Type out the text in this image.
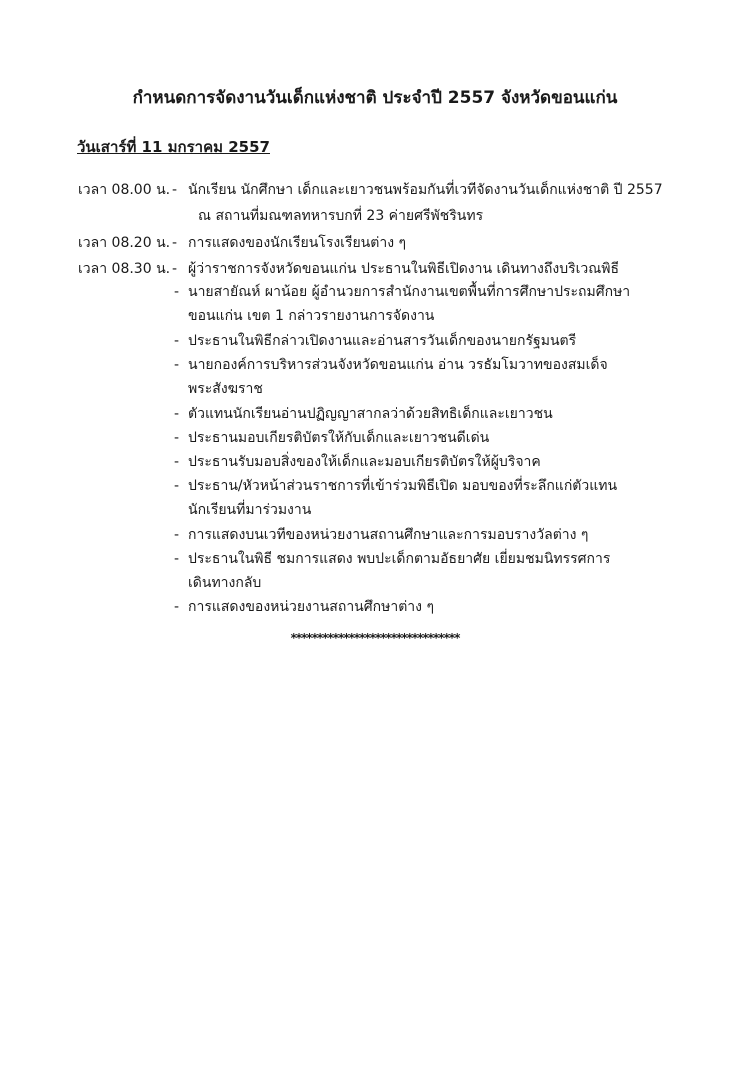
กำหนดการจัดงานวันเด็กแห่งชาติ ประจำปี 2557 จังหวัดขอนแก่น
วันเสาร์ที่ 11 มกราคม 2557
เวลา 08.00 น. - นักเรียน นักศึกษา เด็กและเยาวชนพร้อมกันที่เวทีจัดงานวันเด็กแห่งชาติ ปี 2557
ณ สถานที่มณฑลทหารบกที่ 23 ค่ายศรีพัชรินทร
เวลา 08.20 น. - การแสดงของนักเรียนโรงเรียนต่าง ๆ
เวลา 08.30 น. - ผู้ว่าราชการจังหวัดขอนแก่น ประธานในพิธีเปิดงาน เดินทางถึงบริเวณพิธี
- นายสายัณห์ ผาน้อย ผู้อำนวยการสำนักงานเขตพื้นที่การศึกษาประถมศึกษา
ขอนแก่น เขต 1 กล่าวรายงานการจัดงาน
- ประธานในพิธีกล่าวเปิดงานและอ่านสารวันเด็กของนายกรัฐมนตรี
- นายกองค์การบริหารส่วนจังหวัดขอนแก่น อ่าน วรธัมโมวาทของสมเด็จ
พระสังฆราช
- ตัวแทนนักเรียนอ่านปฏิญญาสากลว่าด้วยสิทธิเด็กและเยาวชน
- ประธานมอบเกียรติบัตรให้กับเด็กและเยาวชนดีเด่น
- ประธานรับมอบสิ่งของให้เด็กและมอบเกียรติบัตรให้ผู้บริจาค
- ประธาน/หัวหน้าส่วนราชการที่เข้าร่วมพิธีเปิด มอบของที่ระลึกแก่ตัวแทน
นักเรียนที่มาร่วมงาน
- การแสดงบนเวทีของหน่วยงานสถานศึกษาและการมอบรางวัลต่าง ๆ
- ประธานในพิธี ชมการแสดง พบปะเด็กตามอัธยาศัย เยี่ยมชมนิทรรศการ
เดินทางกลับ
- การแสดงของหน่วยงานสถานศึกษาต่าง ๆ
********************************
